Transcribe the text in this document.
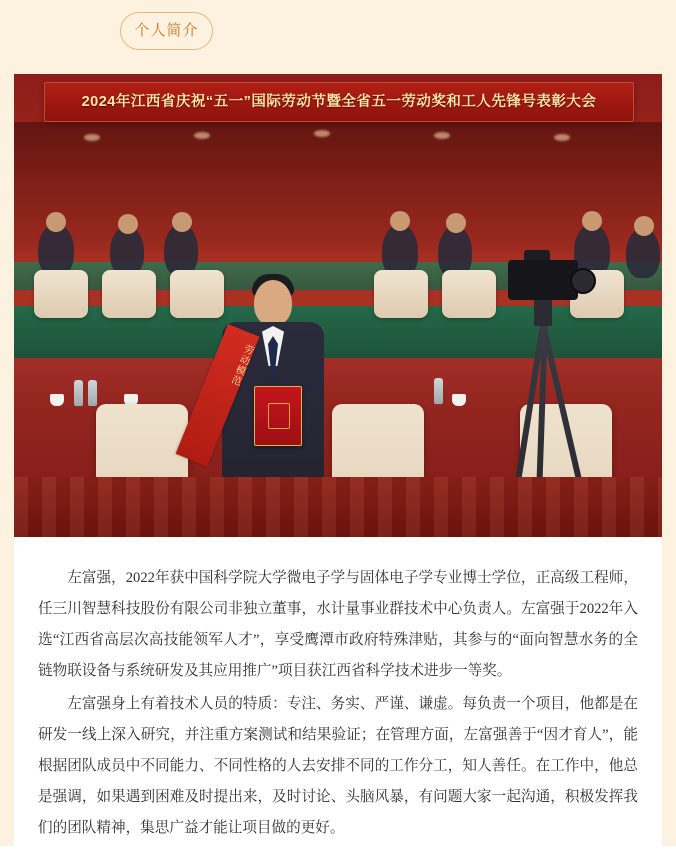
个人简介
2024年江西省庆祝“五一”国际劳动节暨全省五一劳动奖和工人先锋号表彰大会
劳动模范

左富强，2022年获中国科学院大学微电子学与固体电子学专业博士学位，正高级工程师，任三川智慧科技股份有限公司非独立董事，水计量事业群技术中心负责人。左富强于2022年入选“江西省高层次高技能领军人才”，享受鹰潭市政府特殊津贴，其参与的“面向智慧水务的全链物联设备与系统研发及其应用推广”项目获江西省科学技术进步一等奖。

左富强身上有着技术人员的特质：专注、务实、严谨、谦虚。每负责一个项目，他都是在研发一线上深入研究，并注重方案测试和结果验证；在管理方面，左富强善于“因才育人”，能根据团队成员中不同能力、不同性格的人去安排不同的工作分工，知人善任。在工作中，他总是强调，如果遇到困难及时提出来，及时讨论、头脑风暴，有问题大家一起沟通，积极发挥我们的团队精神，集思广益才能让项目做的更好。
